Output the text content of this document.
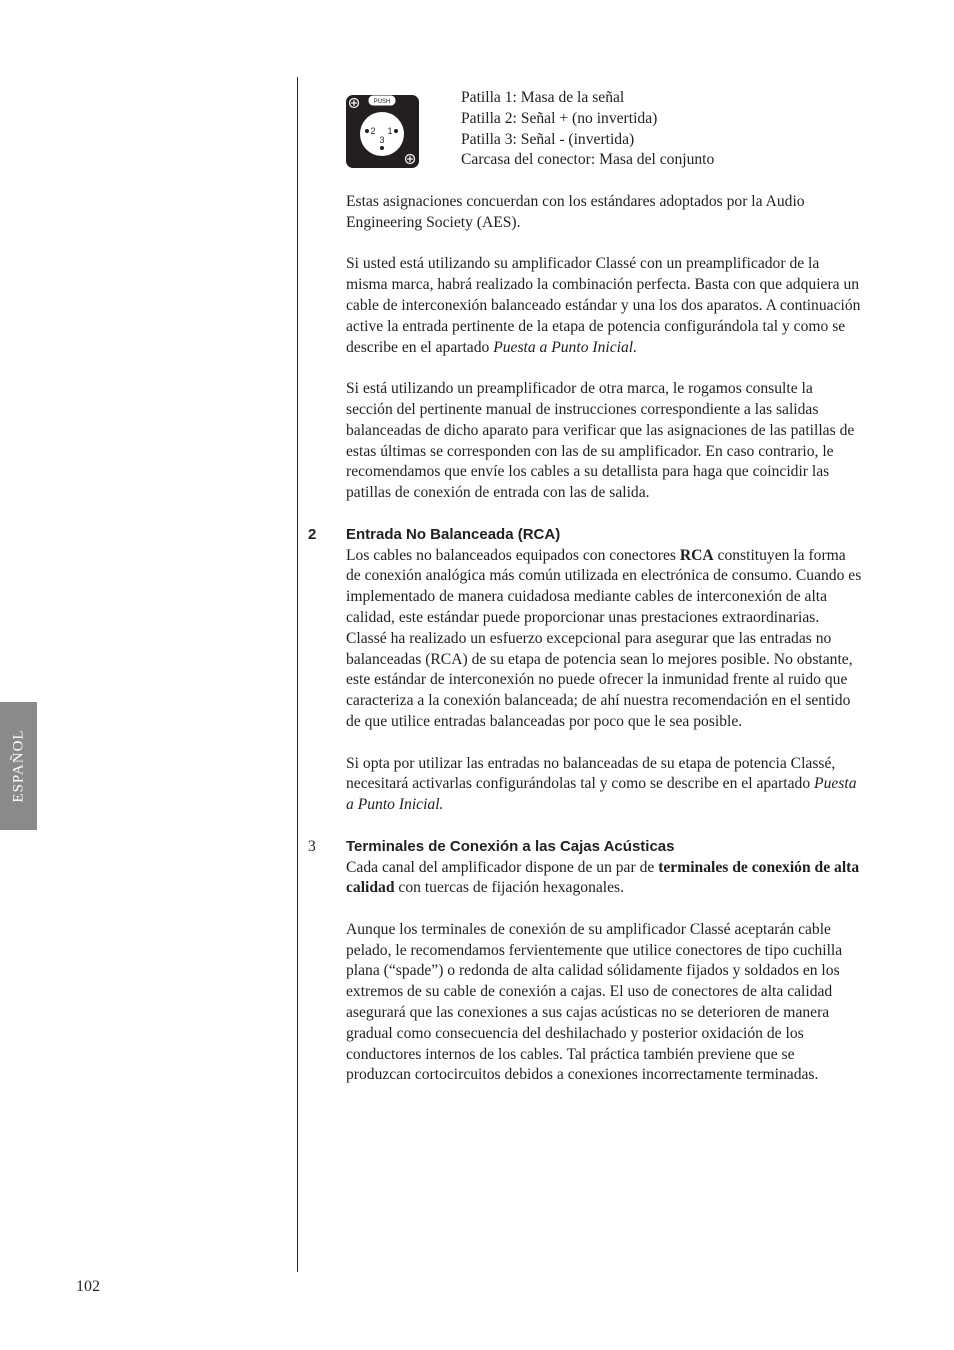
ESPAÑOL
PUSH
2 1
3
Patilla 1: Masa de la señal
Patilla 2: Señal + (no invertida)
Patilla 3: Señal - (invertida)
Carcasa del conector: Masa del conjunto

Estas asignaciones concuerdan con los estándares adoptados por la Audio Engineering Society (AES).

Si usted está utilizando su amplificador Classé con un preamplificador de la misma marca, habrá realizado la combinación perfecta. Basta con que adquiera un cable de interconexión balanceado estándar y una los dos aparatos. A continuación active la entrada pertinente de la etapa de potencia configurándola tal y como se describe en el apartado Puesta a Punto Inicial.

Si está utilizando un preamplificador de otra marca, le rogamos consulte la sección del pertinente manual de instrucciones correspondiente a las salidas balanceadas de dicho aparato para verificar que las asignaciones de las patillas de estas últimas se corresponden con las de su amplificador. En caso contrario, le recomendamos que envíe los cables a su detallista para haga que coincidir las patillas de conexión de entrada con las de salida.

2 Entrada No Balanceada (RCA)

Los cables no balanceados equipados con conectores RCA constituyen la forma de conexión analógica más común utilizada en electrónica de consumo. Cuando es implementado de manera cuidadosa mediante cables de interconexión de alta calidad, este estándar puede proporcionar unas prestaciones extraordinarias. Classé ha realizado un esfuerzo excepcional para asegurar que las entradas no balanceadas (RCA) de su etapa de potencia sean lo mejores posible. No obstante, este estándar de interconexión no puede ofrecer la inmunidad frente al ruido que caracteriza a la conexión balanceada; de ahí nuestra recomendación en el sentido de que utilice entradas balanceadas por poco que le sea posible.

Si opta por utilizar las entradas no balanceadas de su etapa de potencia Classé, necesitará activarlas configurándolas tal y como se describe en el apartado Puesta a Punto Inicial.

3 Terminales de Conexión a las Cajas Acústicas

Cada canal del amplificador dispone de un par de terminales de conexión de alta calidad con tuercas de fijación hexagonales.

Aunque los terminales de conexión de su amplificador Classé aceptarán cable pelado, le recomendamos fervientemente que utilice conectores de tipo cuchilla plana (“spade”) o redonda de alta calidad sólidamente fijados y soldados en los extremos de su cable de conexión a cajas. El uso de conectores de alta calidad asegurará que las conexiones a sus cajas acústicas no se deterioren de manera gradual como consecuencia del deshilachado y posterior oxidación de los conductores internos de los cables. Tal práctica también previene que se produzcan cortocircuitos debidos a conexiones incorrectamente terminadas.

102
